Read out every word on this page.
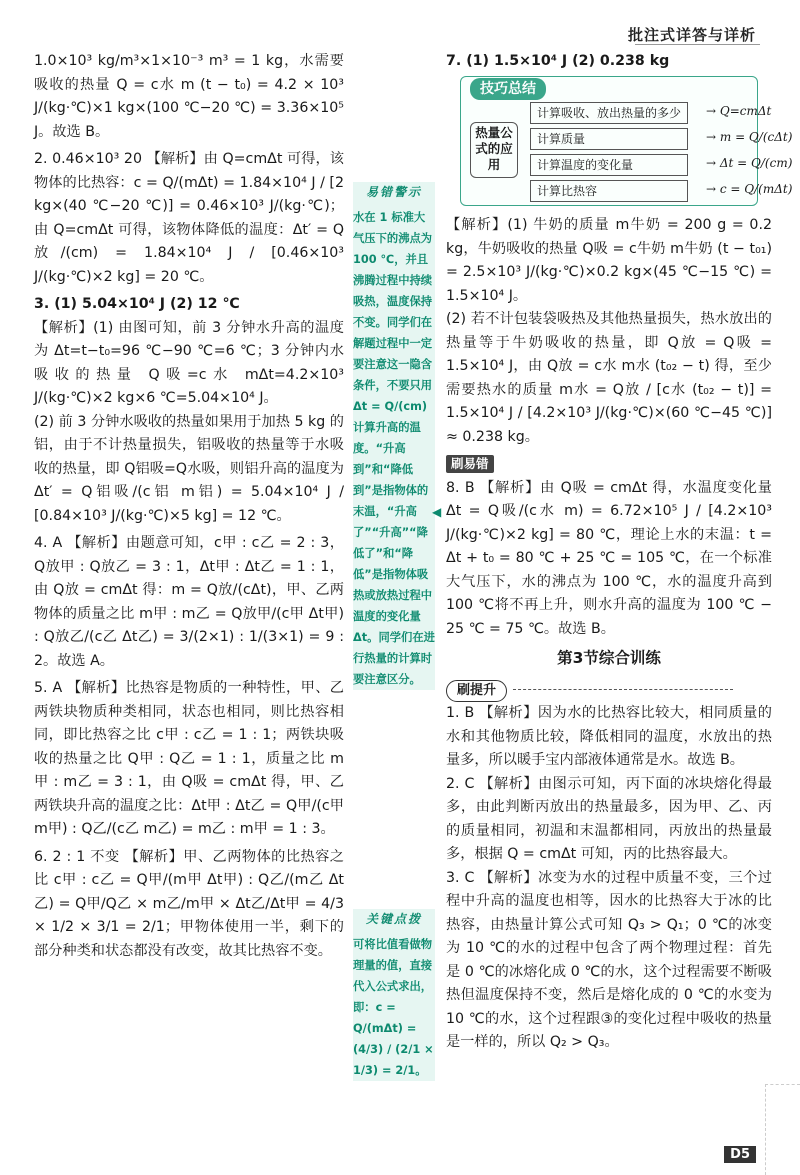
批注式详答与详析

1.0×10³ kg/m³×1×10⁻³ m³ = 1 kg，水需要吸收的热量 Q = c水 m (t − t₀) = 4.2 × 10³ J/(kg·℃)×1 kg×(100 ℃−20 ℃) = 3.36×10⁵ J。故选 B。

2. 0.46×10³ 20 【解析】由 Q=cmΔt 可得，该物体的比热容：c = Q/(mΔt) = 1.84×10⁴ J / [2 kg×(40 ℃−20 ℃)] = 0.46×10³ J/(kg·℃)；由 Q=cmΔt 可得，该物体降低的温度：Δt′ = Q放/(cm) = 1.84×10⁴ J / [0.46×10³ J/(kg·℃)×2 kg] = 20 ℃。

3. (1) 5.04×10⁴ J (2) 12 ℃

【解析】(1) 由图可知，前 3 分钟水升高的温度为 Δt=t−t₀=96 ℃−90 ℃=6 ℃；3 分钟内水吸收的热量 Q吸=c水 mΔt=4.2×10³ J/(kg·℃)×2 kg×6 ℃=5.04×10⁴ J。

(2) 前 3 分钟水吸收的热量如果用于加热 5 kg 的铝，由于不计热量损失，铝吸收的热量等于水吸收的热量，即 Q铝吸=Q水吸，则铝升高的温度为 Δt′ = Q铝吸/(c铝 m铝) = 5.04×10⁴ J / [0.84×10³ J/(kg·℃)×5 kg] = 12 ℃。

4. A 【解析】由题意可知，c甲 : c乙 = 2 : 3，Q放甲 : Q放乙 = 3 : 1，Δt甲 : Δt乙 = 1 : 1，由 Q放 = cmΔt 得：m = Q放/(cΔt)，甲、乙两物体的质量之比 m甲 : m乙 = Q放甲/(c甲 Δt甲) : Q放乙/(c乙 Δt乙) = 3/(2×1) : 1/(3×1) = 9 : 2。故选 A。

5. A 【解析】比热容是物质的一种特性，甲、乙两铁块物质种类相同，状态也相同，则比热容相同，即比热容之比 c甲 : c乙 = 1 : 1；两铁块吸收的热量之比 Q甲 : Q乙 = 1 : 1，质量之比 m甲 : m乙 = 3 : 1，由 Q吸 = cmΔt 得，甲、乙两铁块升高的温度之比：Δt甲 : Δt乙 = Q甲/(c甲 m甲) : Q乙/(c乙 m乙) = m乙 : m甲 = 1 : 3。

6. 2 : 1 不变 【解析】甲、乙两物体的比热容之比 c甲 : c乙 = Q甲/(m甲 Δt甲) : Q乙/(m乙 Δt乙) = Q甲/Q乙 × m乙/m甲 × Δt乙/Δt甲 = 4/3 × 1/2 × 3/1 = 2/1；甲物体使用一半，剩下的部分种类和状态都没有改变，故其比热容不变。

易错警示
水在 1 标准大气压下的沸点为 100 ℃，并且沸腾过程中持续吸热，温度保持不变。同学们在解题过程中一定要注意这一隐含条件，不要只用 Δt = Q/(cm) 计算升高的温度。“升高到”和“降低到”是指物体的末温，“升高了”“升高”“降低了”和“降低”是指物体吸热或放热过程中温度的变化量 Δt。同学们在进行热量的计算时要注意区分。
◀
关键点拨
可将比值看做物理量的值，直接代入公式求出，即：c = Q/(mΔt) = (4/3) / (2/1 × 1/3) = 2/1。
技巧总结
热量公式的应用
计算吸收、放出热量的多少	→ Q=cmΔt
计算质量	→ m = Q/(cΔt)
计算温度的变化量	→ Δt = Q/(cm)
计算比热容	→ c = Q/(mΔt)

7. (1) 1.5×10⁴ J (2) 0.238 kg

【解析】(1) 牛奶的质量 m牛奶 = 200 g = 0.2 kg，牛奶吸收的热量 Q吸 = c牛奶 m牛奶 (t − t₀₁) = 2.5×10³ J/(kg·℃)×0.2 kg×(45 ℃−15 ℃) = 1.5×10⁴ J。

(2) 若不计包装袋吸热及其他热量损失，热水放出的热量等于牛奶吸收的热量，即 Q放 = Q吸 = 1.5×10⁴ J，由 Q放 = c水 m水 (t₀₂ − t) 得，至少需要热水的质量 m水 = Q放 / [c水 (t₀₂ − t)] = 1.5×10⁴ J / [4.2×10³ J/(kg·℃)×(60 ℃−45 ℃)] ≈ 0.238 kg。

刷易错

8. B 【解析】由 Q吸 = cmΔt 得，水温度变化量 Δt = Q吸/(c水 m) = 6.72×10⁵ J / [4.2×10³ J/(kg·℃)×2 kg] = 80 ℃，理论上水的末温：t = Δt + t₀ = 80 ℃ + 25 ℃ = 105 ℃，在一个标准大气压下，水的沸点为 100 ℃，水的温度升高到 100 ℃将不再上升，则水升高的温度为 100 ℃ − 25 ℃ = 75 ℃。故选 B。

第3节综合训练
刷提升

1. B 【解析】因为水的比热容比较大，相同质量的水和其他物质比较，降低相同的温度，水放出的热量多，所以暖手宝内部液体通常是水。故选 B。

2. C 【解析】由图示可知，丙下面的冰块熔化得最多，由此判断丙放出的热量最多，因为甲、乙、丙的质量相同，初温和末温都相同，丙放出的热量最多，根据 Q = cmΔt 可知，丙的比热容最大。

3. C 【解析】冰变为水的过程中质量不变，三个过程中升高的温度也相等，因水的比热容大于冰的比热容，由热量计算公式可知 Q₃ > Q₁；0 ℃的冰变为 10 ℃的水的过程中包含了两个物理过程：首先是 0 ℃的冰熔化成 0 ℃的水，这个过程需要不断吸热但温度保持不变，然后是熔化成的 0 ℃的水变为 10 ℃的水，这个过程跟③的变化过程中吸收的热量是一样的，所以 Q₂ > Q₃。

D5
